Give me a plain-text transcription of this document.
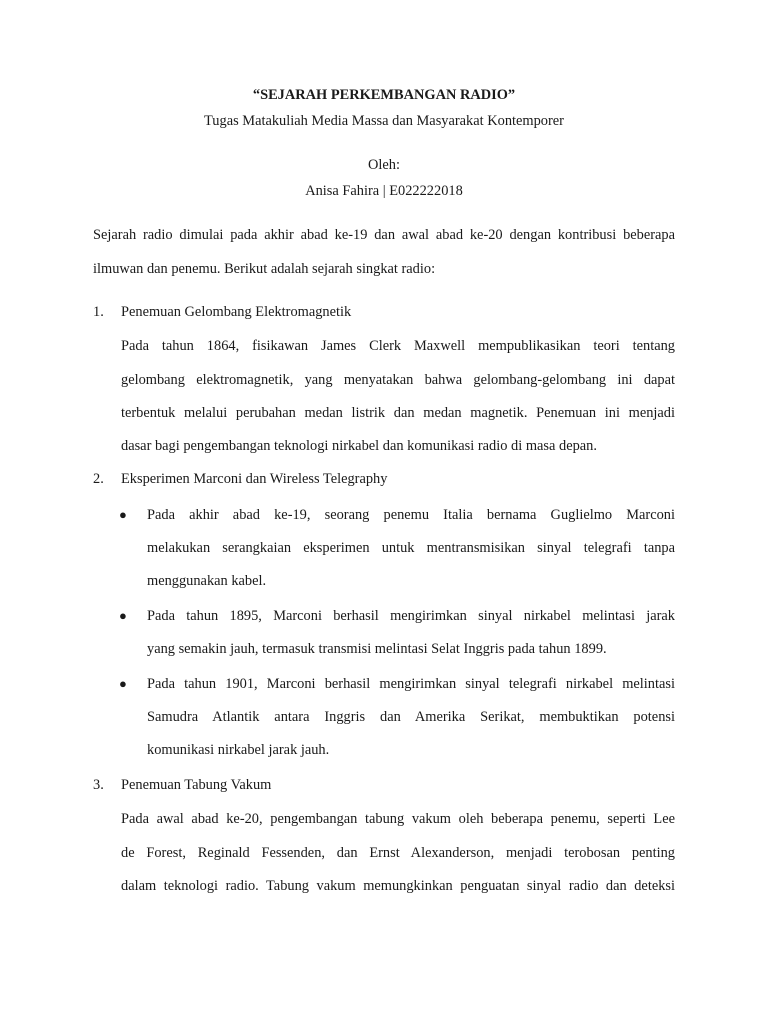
“SEJARAH PERKEMBANGAN RADIO”

Tugas Matakuliah Media Massa dan Masyarakat Kontemporer

Oleh:

Anisa Fahira | E022222018

Sejarah radio dimulai pada akhir abad ke-19 dan awal abad ke-20 dengan kontribusi beberapa

ilmuwan dan penemu. Berikut adalah sejarah singkat radio:

1. Penemuan Gelombang Elektromagnetik

Pada tahun 1864, fisikawan James Clerk Maxwell mempublikasikan teori tentang

gelombang elektromagnetik, yang menyatakan bahwa gelombang-gelombang ini dapat

terbentuk melalui perubahan medan listrik dan medan magnetik. Penemuan ini menjadi

dasar bagi pengembangan teknologi nirkabel dan komunikasi radio di masa depan.

2. Eksperimen Marconi dan Wireless Telegraphy

● Pada akhir abad ke-19, seorang penemu Italia bernama Guglielmo Marconi

melakukan serangkaian eksperimen untuk mentransmisikan sinyal telegrafi tanpa

menggunakan kabel.

● Pada tahun 1895, Marconi berhasil mengirimkan sinyal nirkabel melintasi jarak

yang semakin jauh, termasuk transmisi melintasi Selat Inggris pada tahun 1899.

● Pada tahun 1901, Marconi berhasil mengirimkan sinyal telegrafi nirkabel melintasi

Samudra Atlantik antara Inggris dan Amerika Serikat, membuktikan potensi

komunikasi nirkabel jarak jauh.

3. Penemuan Tabung Vakum

Pada awal abad ke-20, pengembangan tabung vakum oleh beberapa penemu, seperti Lee

de Forest, Reginald Fessenden, dan Ernst Alexanderson, menjadi terobosan penting

dalam teknologi radio. Tabung vakum memungkinkan penguatan sinyal radio dan deteksi
